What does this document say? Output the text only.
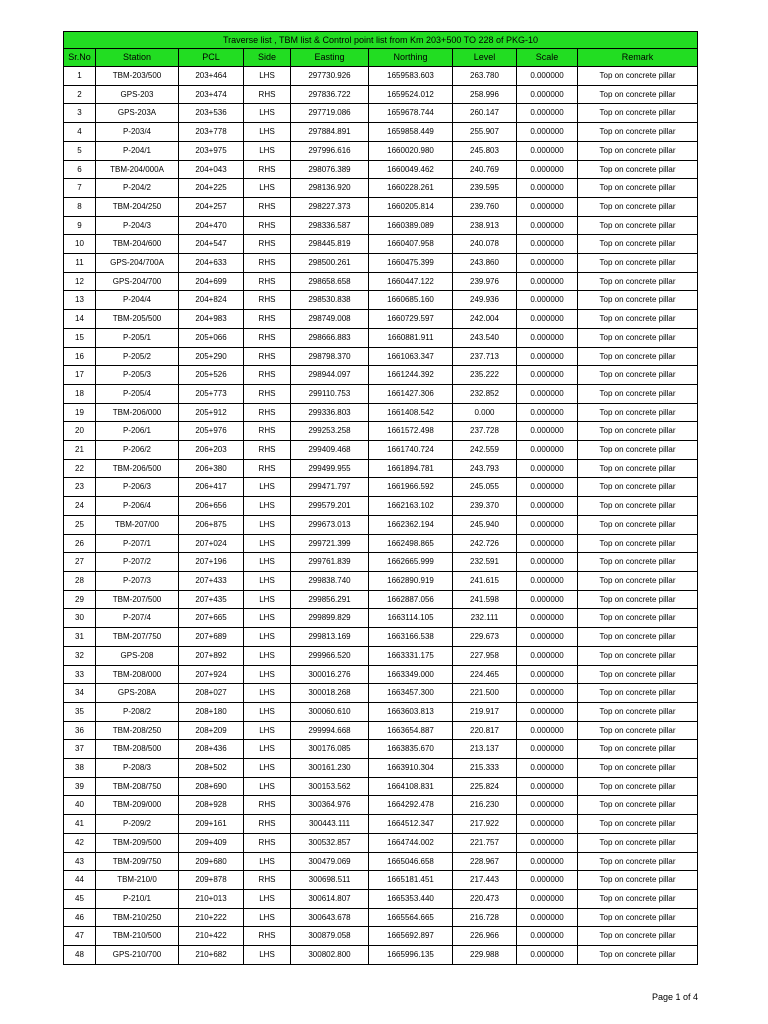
Traverse list , TBM list & Control point list from Km 203+500 TO 228 of PKG-10								
Sr.No	Station	PCL	Side	Easting	Northing	Level	Scale	Remark
1	TBM-203/500	203+464	LHS	297730.926	1659583.603	263.780	0.000000	Top on concrete pillar
2	GPS-203	203+474	RHS	297836.722	1659524.012	258.996	0.000000	Top on concrete pillar
3	GPS-203A	203+536	LHS	297719.086	1659678.744	260.147	0.000000	Top on concrete pillar
4	P-203/4	203+778	LHS	297884.891	1659858.449	255.907	0.000000	Top on concrete pillar
5	P-204/1	203+975	LHS	297996.616	1660020.980	245.803	0.000000	Top on concrete pillar
6	TBM-204/000A	204+043	RHS	298076.389	1660049.462	240.769	0.000000	Top on concrete pillar
7	P-204/2	204+225	LHS	298136.920	1660228.261	239.595	0.000000	Top on concrete pillar
8	TBM-204/250	204+257	RHS	298227.373	1660205.814	239.760	0.000000	Top on concrete pillar
9	P-204/3	204+470	RHS	298336.587	1660389.089	238.913	0.000000	Top on concrete pillar
10	TBM-204/600	204+547	RHS	298445.819	1660407.958	240.078	0.000000	Top on concrete pillar
11	GPS-204/700A	204+633	RHS	298500.261	1660475.399	243.860	0.000000	Top on concrete pillar
12	GPS-204/700	204+699	RHS	298658.658	1660447.122	239.976	0.000000	Top on concrete pillar
13	P-204/4	204+824	RHS	298530.838	1660685.160	249.936	0.000000	Top on concrete pillar
14	TBM-205/500	204+983	RHS	298749.008	1660729.597	242.004	0.000000	Top on concrete pillar
15	P-205/1	205+066	RHS	298666.883	1660881.911	243.540	0.000000	Top on concrete pillar
16	P-205/2	205+290	RHS	298798.370	1661063.347	237.713	0.000000	Top on concrete pillar
17	P-205/3	205+526	RHS	298944.097	1661244.392	235.222	0.000000	Top on concrete pillar
18	P-205/4	205+773	RHS	299110.753	1661427.306	232.852	0.000000	Top on concrete pillar
19	TBM-206/000	205+912	RHS	299336.803	1661408.542	0.000	0.000000	Top on concrete pillar
20	P-206/1	205+976	RHS	299253.258	1661572.498	237.728	0.000000	Top on concrete pillar
21	P-206/2	206+203	RHS	299409.468	1661740.724	242.559	0.000000	Top on concrete pillar
22	TBM-206/500	206+380	RHS	299499.955	1661894.781	243.793	0.000000	Top on concrete pillar
23	P-206/3	206+417	LHS	299471.797	1661966.592	245.055	0.000000	Top on concrete pillar
24	P-206/4	206+656	LHS	299579.201	1662163.102	239.370	0.000000	Top on concrete pillar
25	TBM-207/00	206+875	LHS	299673.013	1662362.194	245.940	0.000000	Top on concrete pillar
26	P-207/1	207+024	LHS	299721.399	1662498.865	242.726	0.000000	Top on concrete pillar
27	P-207/2	207+196	LHS	299761.839	1662665.999	232.591	0.000000	Top on concrete pillar
28	P-207/3	207+433	LHS	299838.740	1662890.919	241.615	0.000000	Top on concrete pillar
29	TBM-207/500	207+435	LHS	299856.291	1662887.056	241.598	0.000000	Top on concrete pillar
30	P-207/4	207+665	LHS	299899.829	1663114.105	232.111	0.000000	Top on concrete pillar
31	TBM-207/750	207+689	LHS	299813.169	1663166.538	229.673	0.000000	Top on concrete pillar
32	GPS-208	207+892	LHS	299966.520	1663331.175	227.958	0.000000	Top on concrete pillar
33	TBM-208/000	207+924	LHS	300016.276	1663349.000	224.465	0.000000	Top on concrete pillar
34	GPS-208A	208+027	LHS	300018.268	1663457.300	221.500	0.000000	Top on concrete pillar
35	P-208/2	208+180	LHS	300060.610	1663603.813	219.917	0.000000	Top on concrete pillar
36	TBM-208/250	208+209	LHS	299994.668	1663654.887	220.817	0.000000	Top on concrete pillar
37	TBM-208/500	208+436	LHS	300176.085	1663835.670	213.137	0.000000	Top on concrete pillar
38	P-208/3	208+502	LHS	300161.230	1663910.304	215.333	0.000000	Top on concrete pillar
39	TBM-208/750	208+690	LHS	300153.562	1664108.831	225.824	0.000000	Top on concrete pillar
40	TBM-209/000	208+928	RHS	300364.976	1664292.478	216.230	0.000000	Top on concrete pillar
41	P-209/2	209+161	RHS	300443.111	1664512.347	217.922	0.000000	Top on concrete pillar
42	TBM-209/500	209+409	RHS	300532.857	1664744.002	221.757	0.000000	Top on concrete pillar
43	TBM-209/750	209+680	LHS	300479.069	1665046.658	228.967	0.000000	Top on concrete pillar
44	TBM-210/0	209+878	RHS	300698.511	1665181.451	217.443	0.000000	Top on concrete pillar
45	P-210/1	210+013	LHS	300614.807	1665353.440	220.473	0.000000	Top on concrete pillar
46	TBM-210/250	210+222	LHS	300643.678	1665564.665	216.728	0.000000	Top on concrete pillar
47	TBM-210/500	210+422	RHS	300879.058	1665692.897	226.966	0.000000	Top on concrete pillar
48	GPS-210/700	210+682	LHS	300802.800	1665996.135	229.988	0.000000	Top on concrete pillar
Page 1 of 4
